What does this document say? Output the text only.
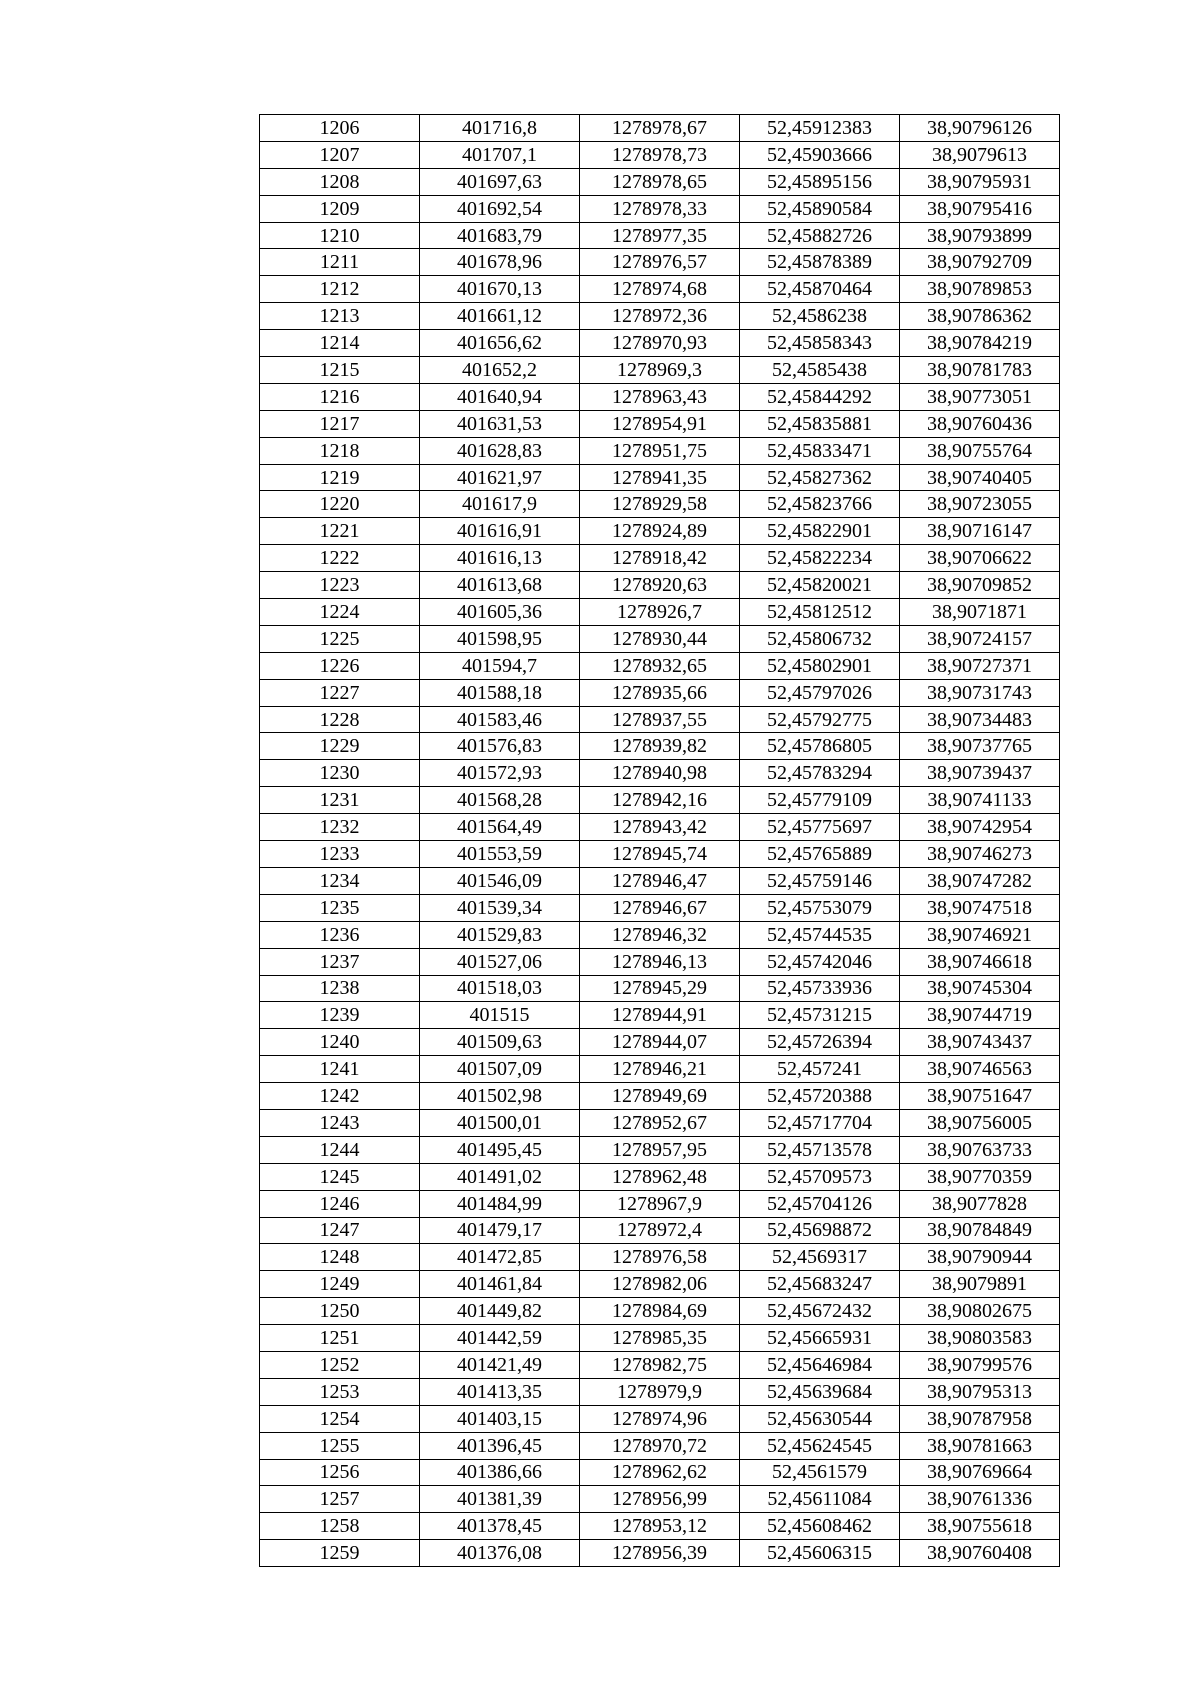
1206	401716,8	1278978,67	52,45912383	38,90796126
1207	401707,1	1278978,73	52,45903666	38,9079613
1208	401697,63	1278978,65	52,45895156	38,90795931
1209	401692,54	1278978,33	52,45890584	38,90795416
1210	401683,79	1278977,35	52,45882726	38,90793899
1211	401678,96	1278976,57	52,45878389	38,90792709
1212	401670,13	1278974,68	52,45870464	38,90789853
1213	401661,12	1278972,36	52,4586238	38,90786362
1214	401656,62	1278970,93	52,45858343	38,90784219
1215	401652,2	1278969,3	52,4585438	38,90781783
1216	401640,94	1278963,43	52,45844292	38,90773051
1217	401631,53	1278954,91	52,45835881	38,90760436
1218	401628,83	1278951,75	52,45833471	38,90755764
1219	401621,97	1278941,35	52,45827362	38,90740405
1220	401617,9	1278929,58	52,45823766	38,90723055
1221	401616,91	1278924,89	52,45822901	38,90716147
1222	401616,13	1278918,42	52,45822234	38,90706622
1223	401613,68	1278920,63	52,45820021	38,90709852
1224	401605,36	1278926,7	52,45812512	38,9071871
1225	401598,95	1278930,44	52,45806732	38,90724157
1226	401594,7	1278932,65	52,45802901	38,90727371
1227	401588,18	1278935,66	52,45797026	38,90731743
1228	401583,46	1278937,55	52,45792775	38,90734483
1229	401576,83	1278939,82	52,45786805	38,90737765
1230	401572,93	1278940,98	52,45783294	38,90739437
1231	401568,28	1278942,16	52,45779109	38,90741133
1232	401564,49	1278943,42	52,45775697	38,90742954
1233	401553,59	1278945,74	52,45765889	38,90746273
1234	401546,09	1278946,47	52,45759146	38,90747282
1235	401539,34	1278946,67	52,45753079	38,90747518
1236	401529,83	1278946,32	52,45744535	38,90746921
1237	401527,06	1278946,13	52,45742046	38,90746618
1238	401518,03	1278945,29	52,45733936	38,90745304
1239	401515	1278944,91	52,45731215	38,90744719
1240	401509,63	1278944,07	52,45726394	38,90743437
1241	401507,09	1278946,21	52,457241	38,90746563
1242	401502,98	1278949,69	52,45720388	38,90751647
1243	401500,01	1278952,67	52,45717704	38,90756005
1244	401495,45	1278957,95	52,45713578	38,90763733
1245	401491,02	1278962,48	52,45709573	38,90770359
1246	401484,99	1278967,9	52,45704126	38,9077828
1247	401479,17	1278972,4	52,45698872	38,90784849
1248	401472,85	1278976,58	52,4569317	38,90790944
1249	401461,84	1278982,06	52,45683247	38,9079891
1250	401449,82	1278984,69	52,45672432	38,90802675
1251	401442,59	1278985,35	52,45665931	38,90803583
1252	401421,49	1278982,75	52,45646984	38,90799576
1253	401413,35	1278979,9	52,45639684	38,90795313
1254	401403,15	1278974,96	52,45630544	38,90787958
1255	401396,45	1278970,72	52,45624545	38,90781663
1256	401386,66	1278962,62	52,4561579	38,90769664
1257	401381,39	1278956,99	52,45611084	38,90761336
1258	401378,45	1278953,12	52,45608462	38,90755618
1259	401376,08	1278956,39	52,45606315	38,90760408
